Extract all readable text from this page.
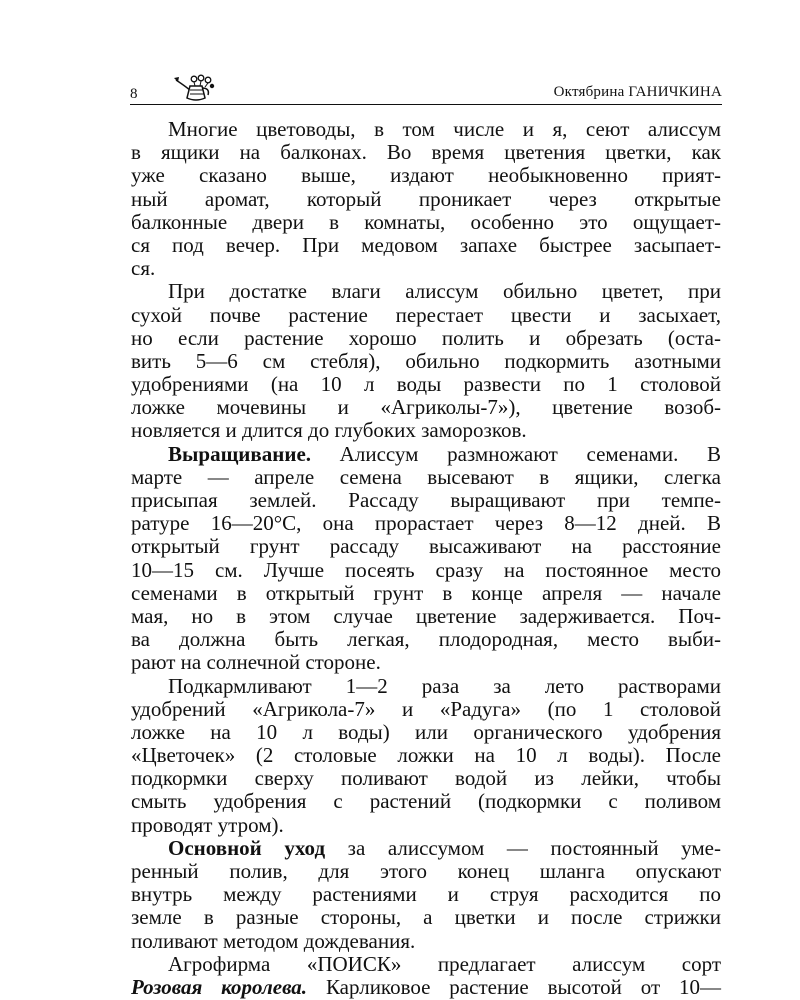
8	Октябрина ГАНИЧКИНА
Многие цветоводы, в том числе и я, сеют алиссум
в ящики на балконах. Во время цветения цветки, как
уже сказано выше, издают необыкновенно прият-
ный аромат, который проникает через открытые
балконные двери в комнаты, особенно это ощущает-
ся под вечер. При медовом запахе быстрее засыпает-
ся.
При достатке влаги алиссум обильно цветет, при
сухой почве растение перестает цвести и засыхает,
но если растение хорошо полить и обрезать (оста-
вить 5—6 см стебля), обильно подкормить азотными
удобрениями (на 10 л воды развести по 1 столовой
ложке мочевины и «Агриколы-7»), цветение возоб-
новляется и длится до глубоких заморозков.
Выращивание. Алиссум размножают семенами. В
марте — апреле семена высевают в ящики, слегка
присыпая землей. Рассаду выращивают при темпе-
ратуре 16—20°С, она прорастает через 8—12 дней. В
открытый грунт рассаду высаживают на расстояние
10—15 см. Лучше посеять сразу на постоянное место
семенами в открытый грунт в конце апреля — начале
мая, но в этом случае цветение задерживается. Поч-
ва должна быть легкая, плодородная, место выби-
рают на солнечной стороне.
Подкармливают 1—2 раза за лето растворами
удобрений «Агрикола-7» и «Радуга» (по 1 столовой
ложке на 10 л воды) или органического удобрения
«Цветочек» (2 столовые ложки на 10 л воды). После
подкормки сверху поливают водой из лейки, чтобы
смыть удобрения с растений (подкормки с поливом
проводят утром).
Основной уход за алиссумом — постоянный уме-
ренный полив, для этого конец шланга опускают
внутрь между растениями и струя расходится по
земле в разные стороны, а цветки и после стрижки
поливают методом дождевания.
Агрофирма «ПОИСК» предлагает алиссум сорт
Розовая королева. Карликовое растение высотой от 10—
